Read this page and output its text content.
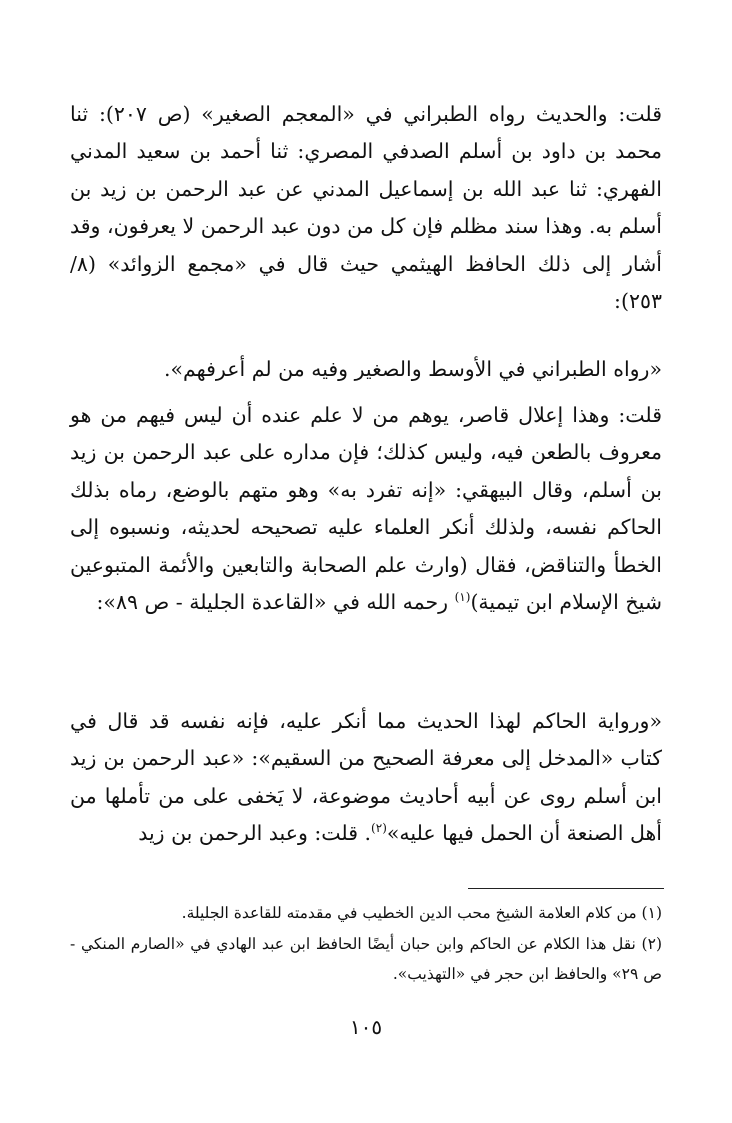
قلت: والحديث رواه الطبراني في «المعجم الصغير» (ص ٢٠٧): ثنا محمد بن داود بن أسلم الصدفي المصري: ثنا أحمد بن سعيد المدني الفهري: ثنا عبد الله بن إسماعيل المدني عن عبد الرحمن بن زيد بن أسلم به. وهذا سند مظلم فإن كل من دون عبد الرحمن لا يعرفون، وقد أشار إلى ذلك الحافظ الهيثمي حيث قال في «مجمع الزوائد» (٨/ ٢٥٣):

«رواه الطبراني في الأوسط والصغير وفيه من لم أعرفهم».

قلت: وهذا إعلال قاصر، يوهم من لا علم عنده أن ليس فيهم من هو معروف بالطعن فيه، وليس كذلك؛ فإن مداره على عبد الرحمن بن زيد بن أسلم، وقال البيهقي: «إنه تفرد به» وهو متهم بالوضع، رماه بذلك الحاكم نفسه، ولذلك أنكر العلماء عليه تصحيحه لحديثه، ونسبوه إلى الخطأ والتناقض، فقال (وارث علم الصحابة والتابعين والأئمة المتبوعين شيخ الإسلام ابن تيمية)$^{(١)}$ رحمه الله في «القاعدة الجليلة - ص ٨٩»:

«ورواية الحاكم لهذا الحديث مما أنكر عليه، فإنه نفسه قد قال في كتاب «المدخل إلى معرفة الصحيح من السقيم»: «عبد الرحمن بن زيد ابن أسلم روى عن أبيه أحاديث موضوعة، لا يَخفى على من تأملها من أهل الصنعة أن الحمل فيها عليه»$^{(٢)}$. قلت: وعبد الرحمن بن زيد

(١) من كلام العلامة الشيخ محب الدين الخطيب في مقدمته للقاعدة الجليلة.

(٢) نقل هذا الكلام عن الحاكم وابن حبان أيضًا الحافظ ابن عبد الهادي في «الصارم المنكي - ص ٢٩» والحافظ ابن حجر في «التهذيب».

١٠٥
